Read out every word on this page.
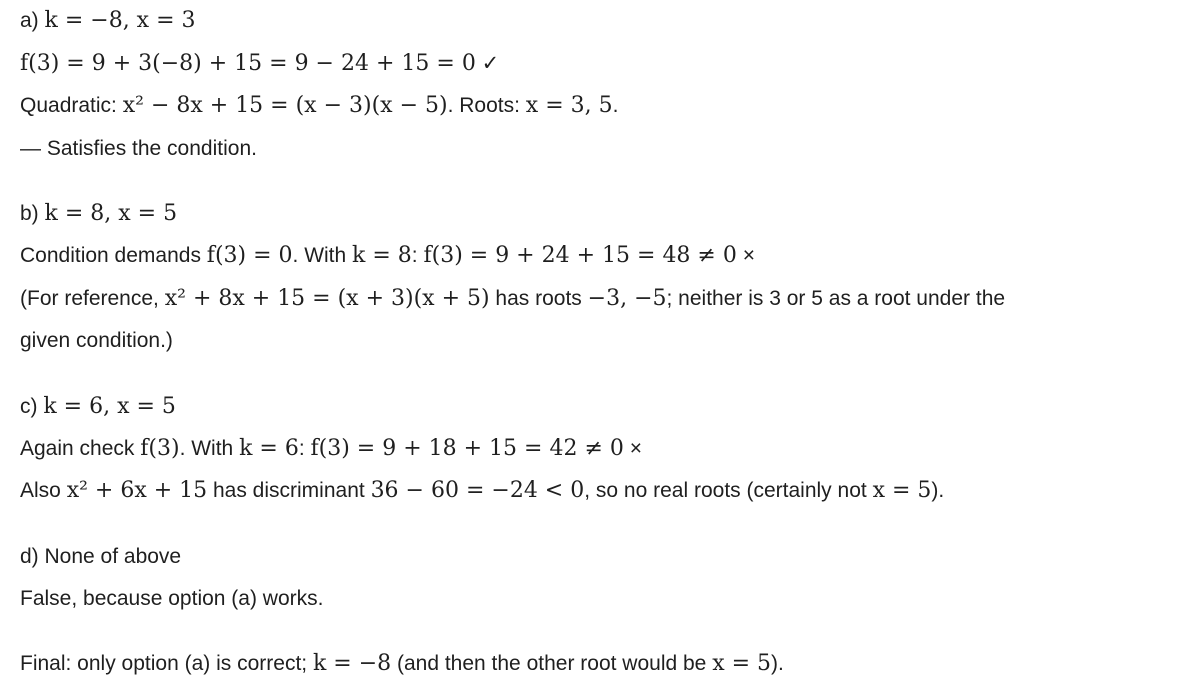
a) k = −8, x = 3
f(3) = 9 + 3(−8) + 15 = 9 − 24 + 15 = 0 ✓
Quadratic: x² − 8x + 15 = (x − 3)(x − 5). Roots: x = 3, 5.
— Satisfies the condition.
b) k = 8, x = 5
Condition demands f(3) = 0. With k = 8: f(3) = 9 + 24 + 15 = 48 ≠ 0 ×
(For reference, x² + 8x + 15 = (x + 3)(x + 5) has roots −3, −5; neither is 3 or 5 as a root under the
given condition.)
c) k = 6, x = 5
Again check f(3). With k = 6: f(3) = 9 + 18 + 15 = 42 ≠ 0 ×
Also x² + 6x + 15 has discriminant 36 − 60 = −24 < 0, so no real roots (certainly not x = 5).
d) None of above
False, because option (a) works.
Final: only option (a) is correct; k = −8 (and then the other root would be x = 5).
